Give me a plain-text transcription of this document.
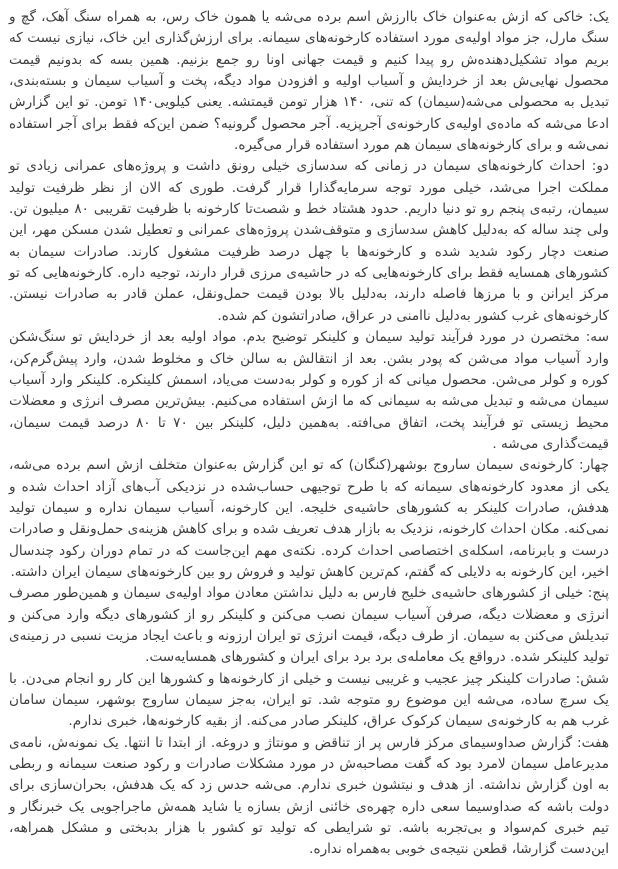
یک: خاکی که ازش به‌عنوان خاک باارزش اسم برده می‌شه یا همون خاک رس، به همراه سنگ آهک، گچ و سنگ مارل، جز مواد اولیه‌ی مورد استفاده کارخونه‌های سیمانه. برای ارزش‌گذاری این خاک، نیازی نیست که بریم مواد تشکیل‌دهنده‌ش رو پیدا کنیم و قیمت جهانی اونا رو جمع بزنیم. همین بسه که بدونیم قیمت محصول نهایی‌ش بعد از خردایش و آسیاب اولیه و افزودن مواد دیگه، پخت و آسیاب سیمان و بسته‌بندی، تبدیل به محصولی می‌شه(سیمان) که تنی، ۱۴۰ هزار تومن قیمتشه. یعنی کیلویی۱۴۰ تومن. تو این گزارش ادعا می‌شه که ماده‌ی اولیه‌ی کارخونه‌ی آجرپزیه. آجر محصول گرونیه؟ ضمن این‌که فقط برای آجر استفاده نمی‌شه و برای کارخونه‌های سیمان هم مورد استفاده قرار می‌گیره.

دو: احداث کارخونه‌های سیمان در زمانی که سدسازی خیلی رونق داشت و پروژه‌های عمرانی زیادی تو مملکت اجرا می‌شد، خیلی مورد توجه سرمایه‌گذارا قرار گرفت. طوری که الان از نظر ظرفیت تولید سیمان، رتبه‌ی پنجم رو تو دنیا داریم. حدود هشتاد خط و شصت‌تا کارخونه با ظرفیت تقریبی ۸۰ میلیون تن. ولی چند ساله که به‌دلیل کاهش سدسازی و متوقف‌شدن پروژه‌های عمرانی و تعطیل شدن مسکن مهر، این صنعت دچار رکود شدید شده و کارخونه‌ها با چهل درصد ظرفیت مشغول کارند. صادرات سیمان به کشورهای همسایه فقط برای کارخونه‌هایی که در حاشیه‌ی مرزی قرار دارند، توجیه داره. کارخونه‌هایی که تو مرکز ایرانن و با مرزها فاصله دارند، به‌دلیل بالا بودن قیمت حمل‌ونقل، عملن قادر به صادرات نیستن. کارخونه‌های غرب کشور به‌دلیل ناامنی در عراق، صادراتشون کم شده.

سه: مختصرن در مورد فرآیند تولید سیمان و کلینکر توضیح بدم. مواد اولیه بعد از خردایش تو سنگ‌شکن وارد آسیاب مواد می‌شن که پودر بشن. بعد از انتقالش به سالن خاک و مخلوط شدن، وارد پیش‌گرم‌کن، کوره و کولر می‌شن. محصول میانی که از کوره و کولر به‌دست می‌یاد، اسمش کلینکره. کلینکر وارد آسیاب سیمان می‌شه و تبدیل می‌شه به سیمانی که ما ازش استفاده می‌کنیم. بیش‌ترین مصرف انرژی و معضلات محیط زیستی تو فرآیند پخت، اتفاق می‌افته. به‌همین دلیل، کلینکر بین ۷۰ تا ۸۰ درصد قیمت سیمان، قیمت‌گذاری می‌شه .

چهار: کارخونه‌ی سیمان ساروج بوشهر(کنگان) که تو این گزارش به‌عنوان متخلف ازش اسم برده می‌شه، یکی از معدود کارخونه‌های سیمانه که با طرح توجیهی حساب‌شده در نزدیکی آب‌های آزاد احداث شده و هدفش، صادرات کلینکر به کشورهای حاشیه‌ی خلیجه. این کارخونه، آسیاب سیمان نداره و سیمان تولید نمی‌کنه. مکان احداث کارخونه، نزدیک به بازار هدف تعریف شده و برای کاهش هزینه‌ی حمل‌ونقل و صادرات درست و بابرنامه، اسکله‌ی اختصاصی احداث کرده. نکته‌ی مهم این‌جاست که در تمام دوران رکود چندسال اخیر، این کارخونه به دلایلی که گفتم، کم‌ترین کاهش تولید و فروش رو بین کارخونه‌های سیمان ایران داشته.

پنج: خیلی از کشورهای حاشیه‌ی خلیج فارس به دلیل نداشتن معادن مواد اولیه‌ی سیمان و همین‌طور مصرف انرژی و معضلات دیگه، صرفن آسیاب سیمان نصب می‌کنن و کلینکر رو از کشورهای دیگه وارد می‌کنن و تبدیلش می‌کنن به سیمان. از طرف دیگه، قیمت انرژی تو ایران ارزونه و باعث ایجاد مزیت نسبی در زمینه‌ی تولید کلینکر شده. درواقع یک معامله‌ی برد برد برای ایران و کشورهای همسایه‌ست.

شش: صادرات کلینکر چیز عجیب و غریبی نیست و خیلی از کارخونه‌ها و کشورها این کار رو انجام می‌دن. با یک سرچ ساده، می‌شه این موضوع رو متوجه شد. تو ایران، به‌جز سیمان ساروج بوشهر، سیمان سامان غرب هم به کارخونه‌ی سیمان کرکوک عراق، کلینکر صادر می‌کنه. از بقیه کارخونه‌ها، خبری ندارم.

هفت: گزارش صداوسیمای مرکز فارس پر از تناقض و مونتاژ و دروغه. از ابتدا تا انتها. یک نمونه‌ش، نامه‌ی مدیرعامل سیمان لامرد بود که گفت مصاحبه‌ش در مورد مشکلات صادرات و رکود صنعت سیمانه و ربطی به اون گزارش نداشته. از هدف و نیتشون خبری ندارم. می‌شه حدس زد که یک هدفش، بحران‌سازی برای دولت باشه که صداوسیما سعی داره چهره‌ی خائنی ازش بسازه یا شاید همه‌ش ماجراجویی یک خبرنگار و تیم خبری کم‌سواد و بی‌تجربه باشه. تو شرایطی که تولید تو کشور با هزار بدبختی و مشکل همراهه، این‌دست گزارشا، قطعن نتیجه‌ی خوبی به‌همراه نداره.
